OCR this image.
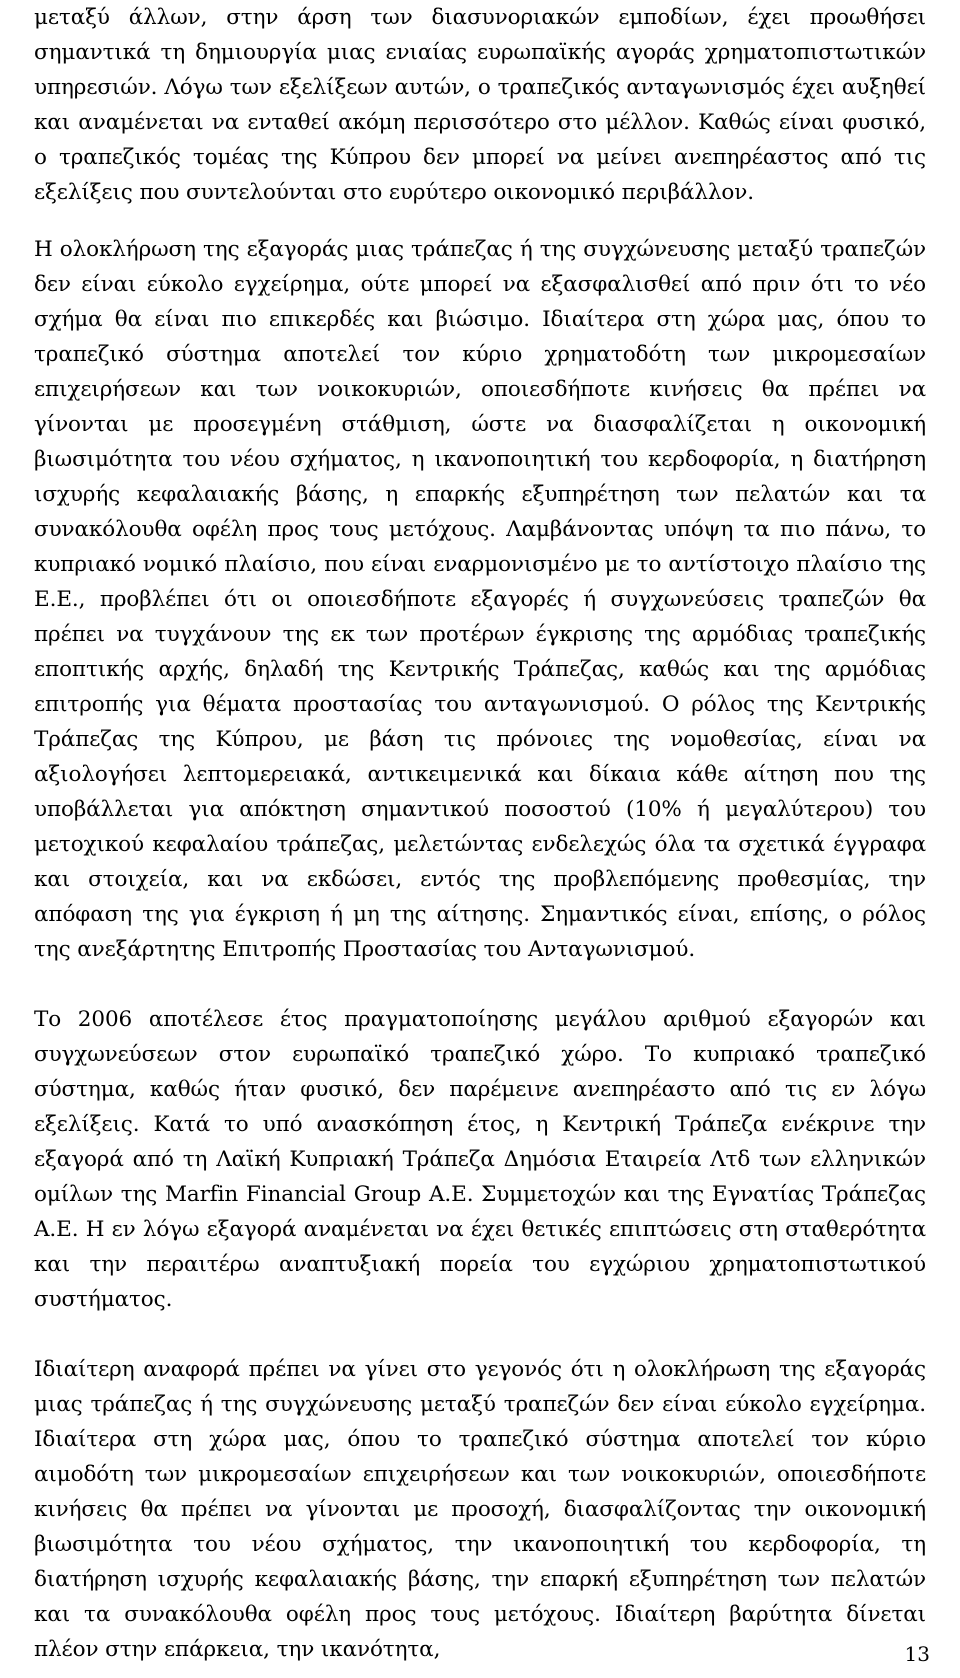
μεταξύ άλλων, στην άρση των διασυνοριακών εμποδίων, έχει προωθήσει σημαντικά τη δημιουργία μιας ενιαίας ευρωπαϊκής αγοράς χρηματοπιστωτικών υπηρεσιών. Λόγω των εξελίξεων αυτών, ο τραπεζικός ανταγωνισμός έχει αυξηθεί και αναμένεται να ενταθεί ακόμη περισσότερο στο μέλλον. Καθώς είναι φυσικό, ο τραπεζικός τομέας της Κύπρου δεν μπορεί να μείνει ανεπηρέαστος από τις εξελίξεις που συντελούνται στο ευρύτερο οικονομικό περιβάλλον.

Η ολοκλήρωση της εξαγοράς μιας τράπεζας ή της συγχώνευσης μεταξύ τραπεζών δεν είναι εύκολο εγχείρημα, ούτε μπορεί να εξασφαλισθεί από πριν ότι το νέο σχήμα θα είναι πιο επικερδές και βιώσιμο. Ιδιαίτερα στη χώρα μας, όπου το τραπεζικό σύστημα αποτελεί τον κύριο χρηματοδότη των μικρομεσαίων επιχειρήσεων και των νοικοκυριών, οποιεσδήποτε κινήσεις θα πρέπει να γίνονται με προσεγμένη στάθμιση, ώστε να διασφαλίζεται η οικονομική βιωσιμότητα του νέου σχήματος, η ικανοποιητική του κερδοφορία, η διατήρηση ισχυρής κεφαλαιακής βάσης, η επαρκής εξυπηρέτηση των πελατών και τα συνακόλουθα οφέλη προς τους μετόχους. Λαμβάνοντας υπόψη τα πιο πάνω, το κυπριακό νομικό πλαίσιο, που είναι εναρμονισμένο με το αντίστοιχο πλαίσιο της Ε.Ε., προβλέπει ότι οι οποιεσδήποτε εξαγορές ή συγχωνεύσεις τραπεζών θα πρέπει να τυγχάνουν της εκ των προτέρων έγκρισης της αρμόδιας τραπεζικής εποπτικής αρχής, δηλαδή της Κεντρικής Τράπεζας, καθώς και της αρμόδιας επιτροπής για θέματα προστασίας του ανταγωνισμού. Ο ρόλος της Κεντρικής Τράπεζας της Κύπρου, με βάση τις πρόνοιες της νομοθεσίας, είναι να αξιολογήσει λεπτομερειακά, αντικειμενικά και δίκαια κάθε αίτηση που της υποβάλλεται για απόκτηση σημαντικού ποσοστού (10% ή μεγαλύτερου) του μετοχικού κεφαλαίου τράπεζας, μελετώντας ενδελεχώς όλα τα σχετικά έγγραφα και στοιχεία, και να εκδώσει, εντός της προβλεπόμενης προθεσμίας, την απόφαση της για έγκριση ή μη της αίτησης. Σημαντικός είναι, επίσης, ο ρόλος της ανεξάρτητης Επιτροπής Προστασίας του Ανταγωνισμού.

Το 2006 αποτέλεσε έτος πραγματοποίησης μεγάλου αριθμού εξαγορών και συγχωνεύσεων στον ευρωπαϊκό τραπεζικό χώρο. Το κυπριακό τραπεζικό σύστημα, καθώς ήταν φυσικό, δεν παρέμεινε ανεπηρέαστο από τις εν λόγω εξελίξεις. Κατά το υπό ανασκόπηση έτος, η Κεντρική Τράπεζα ενέκρινε την εξαγορά από τη Λαϊκή Κυπριακή Τράπεζα Δημόσια Εταιρεία Λτδ των ελληνικών ομίλων της Marfin Financial Group Α.Ε. Συμμετοχών και της Εγνατίας Τράπεζας Α.Ε. Η εν λόγω εξαγορά αναμένεται να έχει θετικές επιπτώσεις στη σταθερότητα και την περαιτέρω αναπτυξιακή πορεία του εγχώριου χρηματοπιστωτικού συστήματος.

Ιδιαίτερη αναφορά πρέπει να γίνει στο γεγονός ότι η ολοκλήρωση της εξαγοράς μιας τράπεζας ή της συγχώνευσης μεταξύ τραπεζών δεν είναι εύκολο εγχείρημα. Ιδιαίτερα στη χώρα μας, όπου το τραπεζικό σύστημα αποτελεί τον κύριο αιμοδότη των μικρομεσαίων επιχειρήσεων και των νοικοκυριών, οποιεσδήποτε κινήσεις θα πρέπει να γίνονται με προσοχή, διασφαλίζοντας την οικονομική βιωσιμότητα του νέου σχήματος, την ικανοποιητική του κερδοφορία, τη διατήρηση ισχυρής κεφαλαιακής βάσης, την επαρκή εξυπηρέτηση των πελατών και τα συνακόλουθα οφέλη προς τους μετόχους. Ιδιαίτερη βαρύτητα δίνεται πλέον στην επάρκεια, την ικανότητα,	13
